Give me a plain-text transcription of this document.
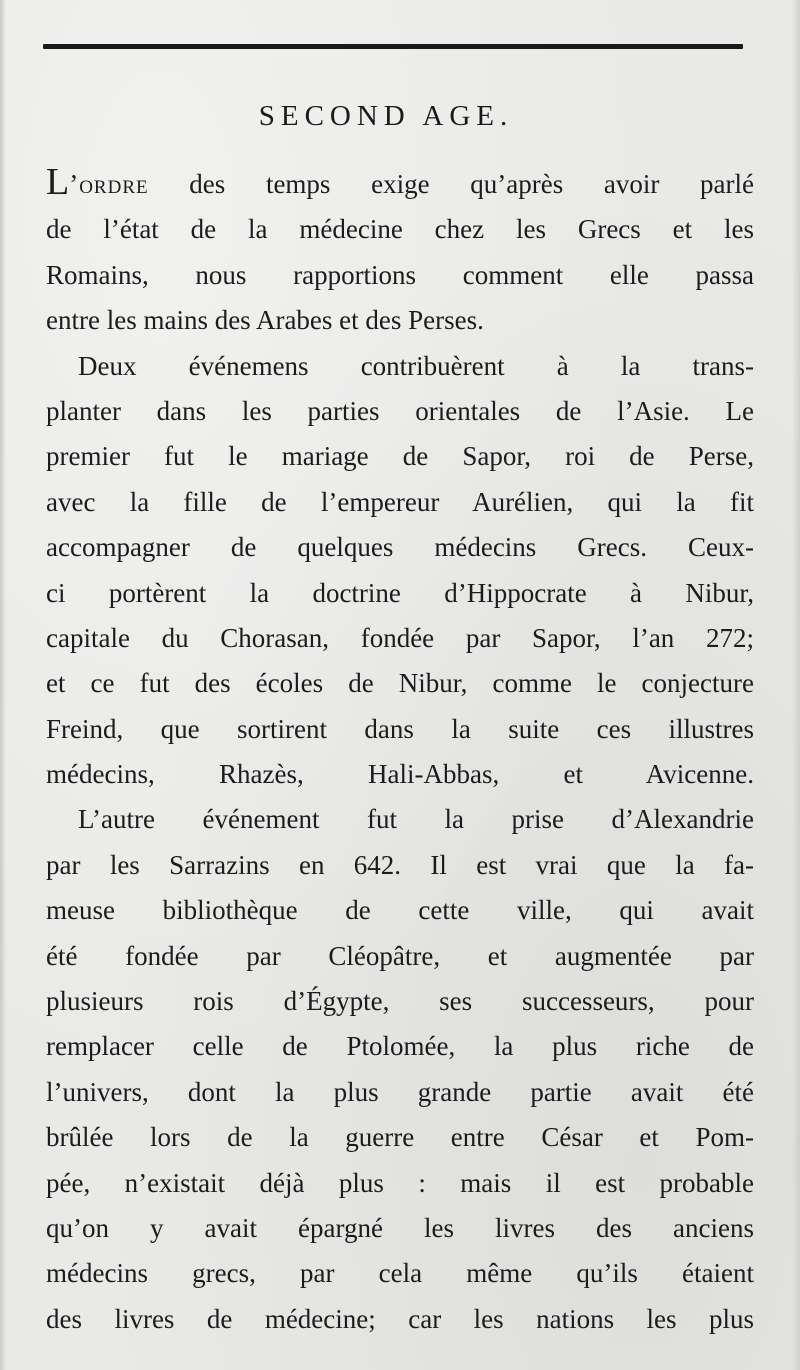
SECOND AGE.
L’ordre des temps exige qu’après avoir parlé
de l’état de la médecine chez les Grecs et les
Romains, nous rapportions comment elle passa
entre les mains des Arabes et des Perses.
Deux événemens contribuèrent à la trans-
planter dans les parties orientales de l’Asie. Le
premier fut le mariage de Sapor, roi de Perse,
avec la fille de l’empereur Aurélien, qui la fit
accompagner de quelques médecins Grecs. Ceux-
ci portèrent la doctrine d’Hippocrate à Nibur,
capitale du Chorasan, fondée par Sapor, l’an 272;
et ce fut des écoles de Nibur, comme le conjecture
Freind, que sortirent dans la suite ces illustres
médecins, Rhazès, Hali-Abbas, et Avicenne.
L’autre événement fut la prise d’Alexandrie
par les Sarrazins en 642. Il est vrai que la fa-
meuse bibliothèque de cette ville, qui avait
été fondée par Cléopâtre, et augmentée par
plusieurs rois d’Égypte, ses successeurs, pour
remplacer celle de Ptolomée, la plus riche de
l’univers, dont la plus grande partie avait été
brûlée lors de la guerre entre César et Pom-
pée, n’existait déjà plus : mais il est probable
qu’on y avait épargné les livres des anciens
médecins grecs, par cela même qu’ils étaient
des livres de médecine; car les nations les plus
